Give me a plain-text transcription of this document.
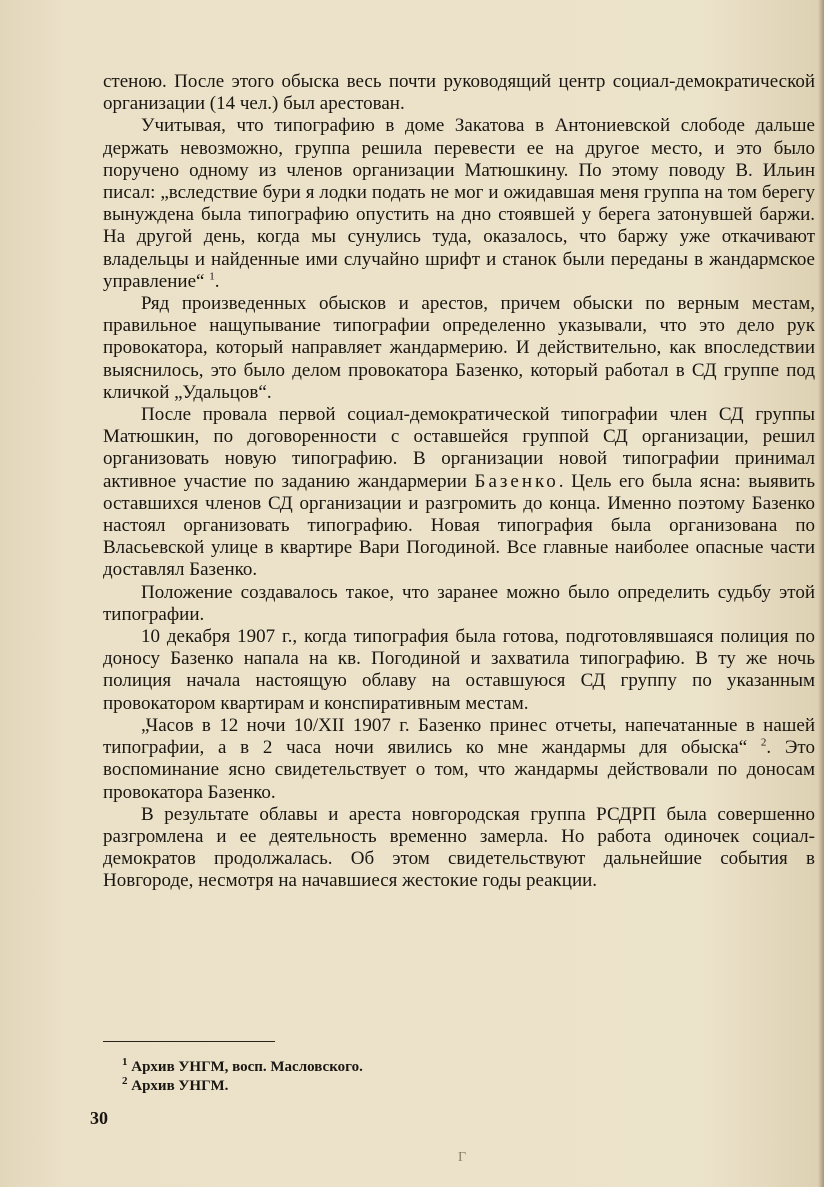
стеною. После этого обыска весь почти руководящий центр социал-демократической организации (14 чел.) был арестован.

Учитывая, что типографию в доме Закатова в Антониевской слободе дальше держать невозможно, группа решила перевести ее на другое место, и это было поручено одному из членов организации Матюшкину. По этому поводу В. Ильин писал: „вследствие бури я лодки подать не мог и ожидавшая меня группа на том берегу вынуждена была типографию опустить на дно стоявшей у берега затонувшей баржи. На другой день, когда мы сунулись туда, оказалось, что баржу уже откачивают владельцы и найденные ими случайно шрифт и станок были переданы в жандармское управление“ $^1$.

Ряд произведенных обысков и арестов, причем обыски по верным местам, правильное нащупывание типографии определенно указывали, что это дело рук провокатора, который направляет жандармерию. И действительно, как впоследствии выяснилось, это было делом провокатора Базенко, который работал в СД группе под кличкой „Удальцов“.

После провала первой социал-демократической типографии член СД группы Матюшкин, по договоренности с оставшейся группой СД организации, решил организовать новую типографию. В организации новой типографии принимал активное участие по заданию жандармерии Базенко. Цель его была ясна: выявить оставшихся членов СД организации и разгромить до конца. Именно поэтому Базенко настоял организовать типографию. Новая типография была организована по Власьевской улице в квартире Вари Погодиной. Все главные наиболее опасные части доставлял Базенко.

Положение создавалось такое, что заранее можно было определить судьбу этой типографии.

10 декабря 1907 г., когда типография была готова, подготовлявшаяся полиция по доносу Базенко напала на кв. Погодиной и захватила типографию. В ту же ночь полиция начала настоящую облаву на оставшуюся СД группу по указанным провокатором квартирам и конспиративным местам.

„Часов в 12 ночи 10/XII 1907 г. Базенко принес отчеты, напечатанные в нашей типографии, а в 2 часа ночи явились ко мне жандармы для обыска“ $^2$. Это воспоминание ясно свидетельствует о том, что жандармы действовали по доносам провокатора Базенко.

В результате облавы и ареста новгородская группа РСДРП была совершенно разгромлена и ее деятельность временно замерла. Но работа одиночек социал-демократов продолжалась. Об этом свидетельствуют дальнейшие события в Новгороде, несмотря на начавшиеся жестокие годы реакции.

$^1$ Архив УНГМ, восп. Масловского.
$^2$ Архив УНГМ.
30
Г
